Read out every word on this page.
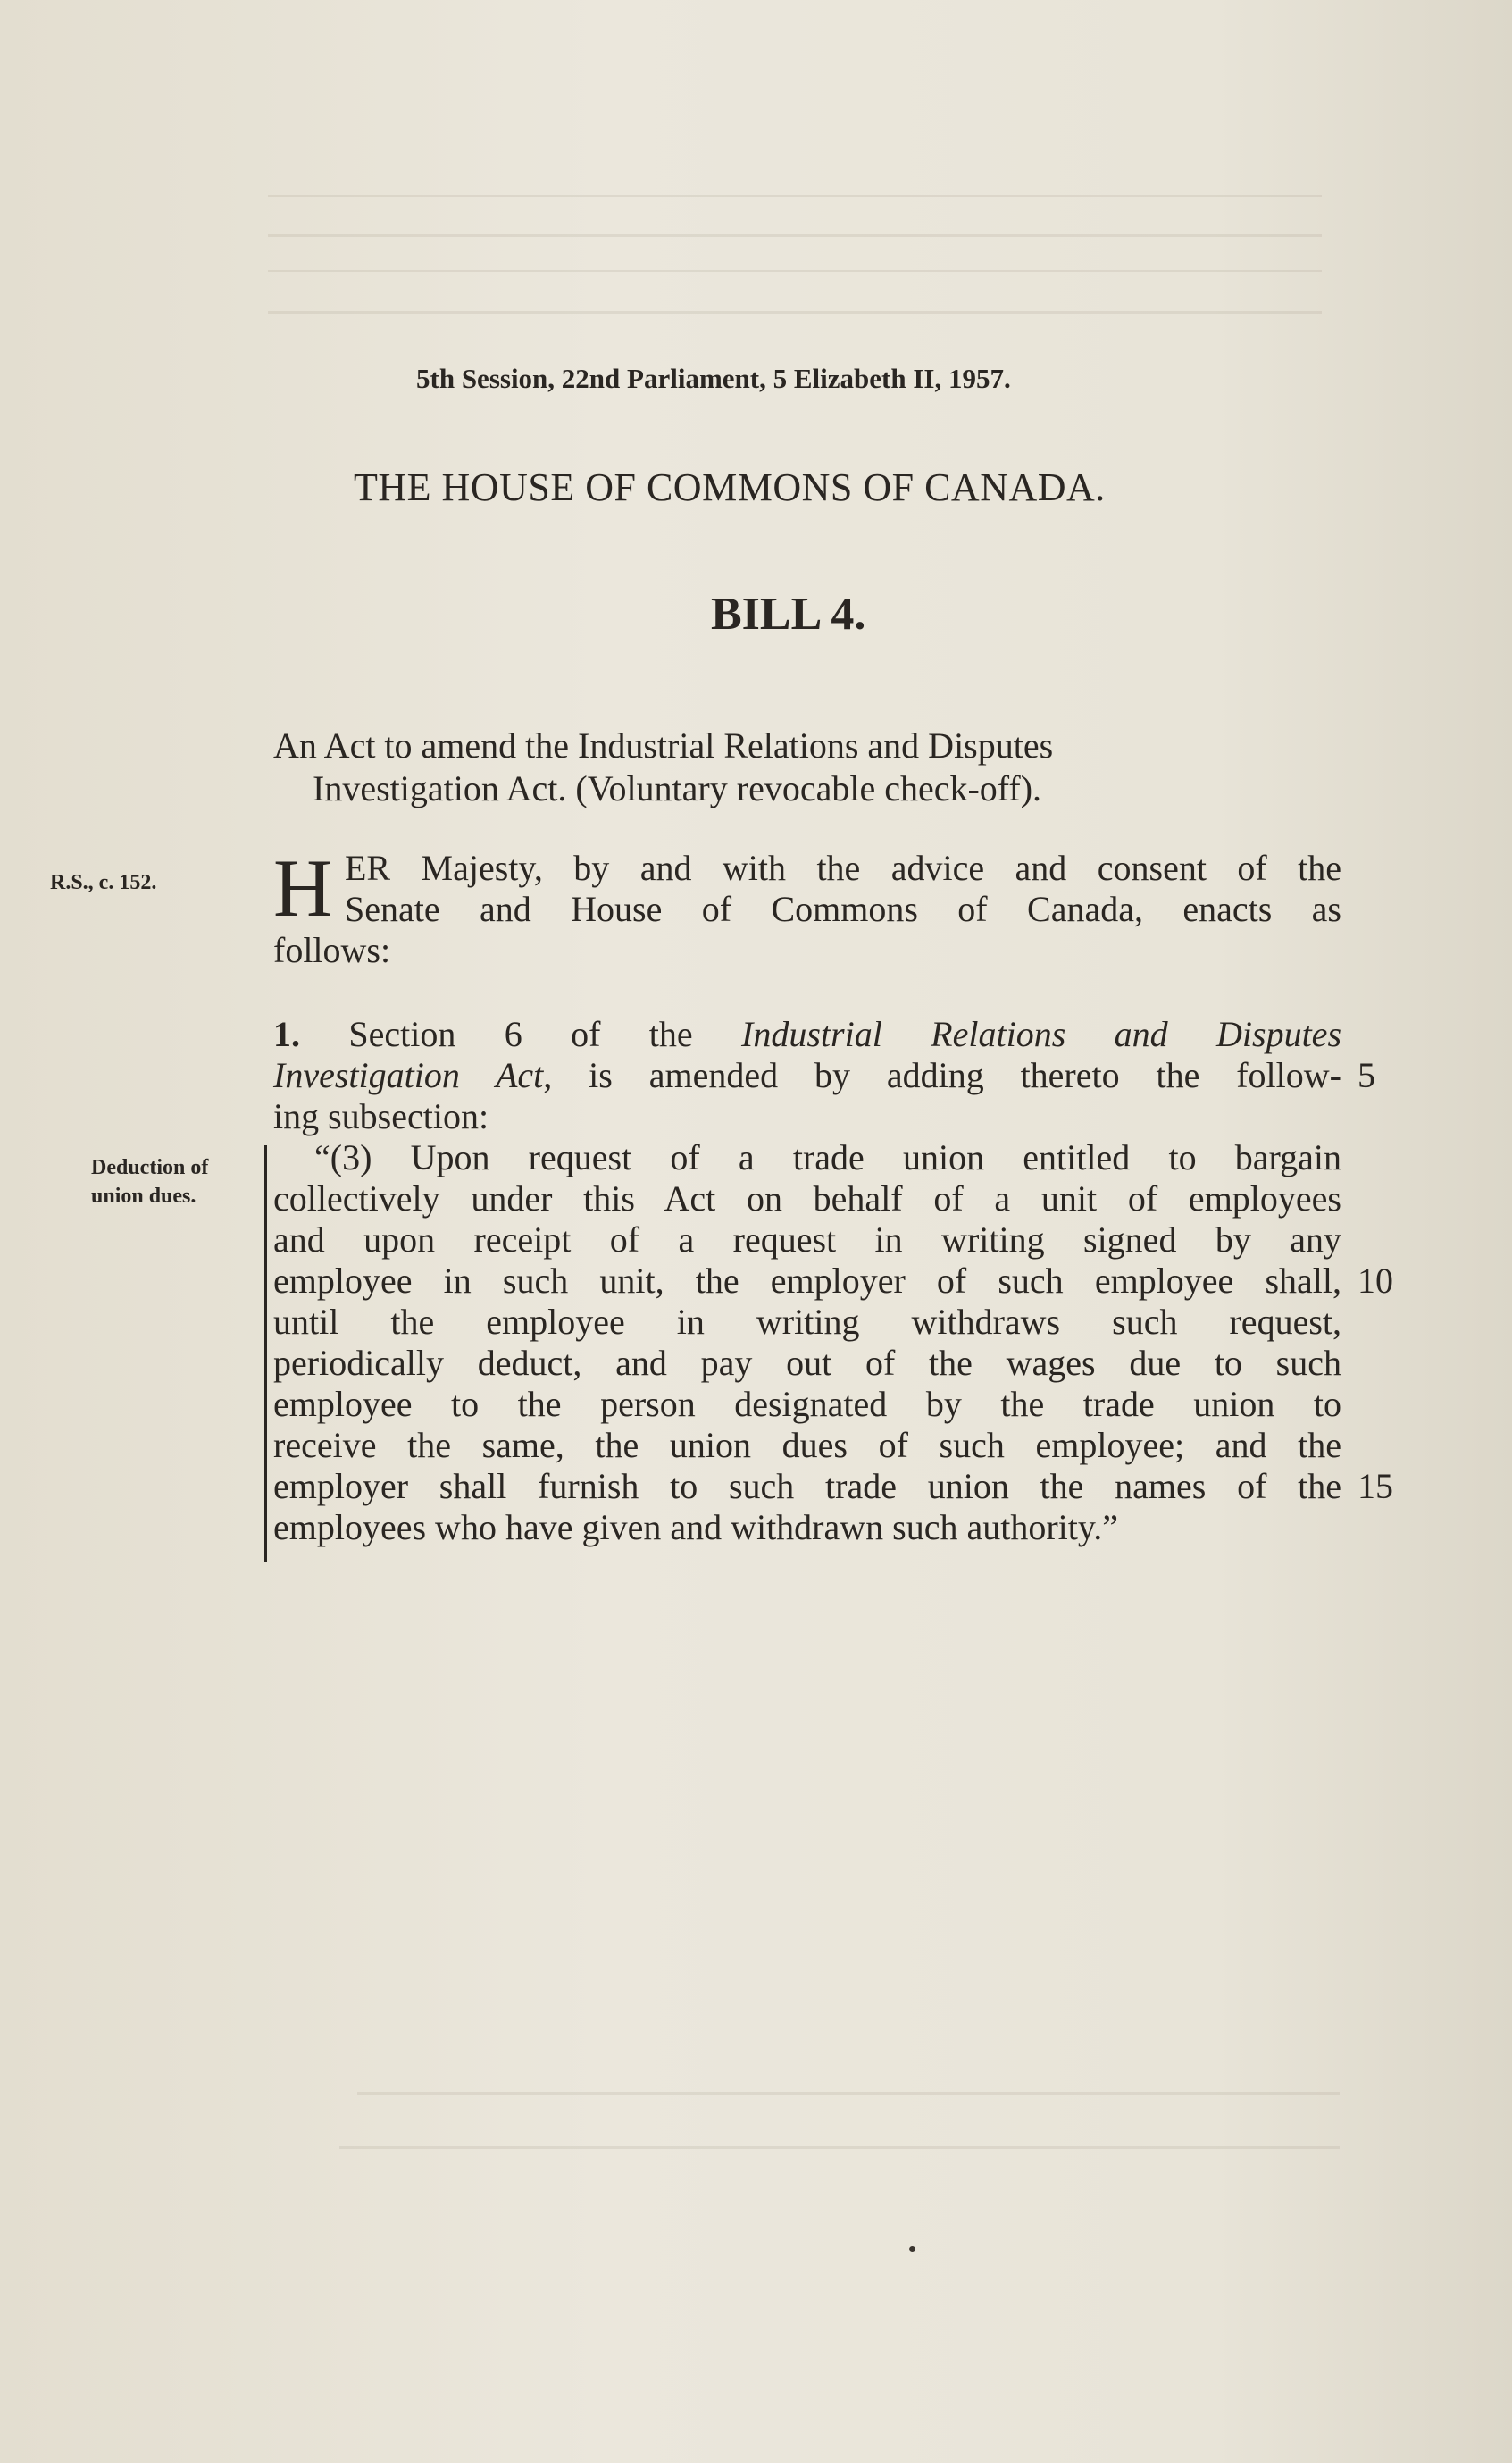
5th Session, 22nd Parliament, 5 Elizabeth II, 1957.
THE HOUSE OF COMMONS OF CANADA.
BILL 4.
An Act to amend the Industrial Relations and Disputes
Investigation Act. (Voluntary revocable check-off).
R.S., c. 152.
Deduction of
union dues.
H ER Majesty, by and with the advice and consent of the
Senate and House of Commons of Canada, enacts as
follows:
1. Section 6 of the Industrial Relations and Disputes
Investigation Act, is amended by adding thereto the follow- 5
ing subsection:
“(3) Upon request of a trade union entitled to bargain
collectively under this Act on behalf of a unit of employees
and upon receipt of a request in writing signed by any
employee in such unit, the employer of such employee shall, 10
until the employee in writing withdraws such request,
periodically deduct, and pay out of the wages due to such
employee to the person designated by the trade union to
receive the same, the union dues of such employee; and the
employer shall furnish to such trade union the names of the 15
employees who have given and withdrawn such authority.”
